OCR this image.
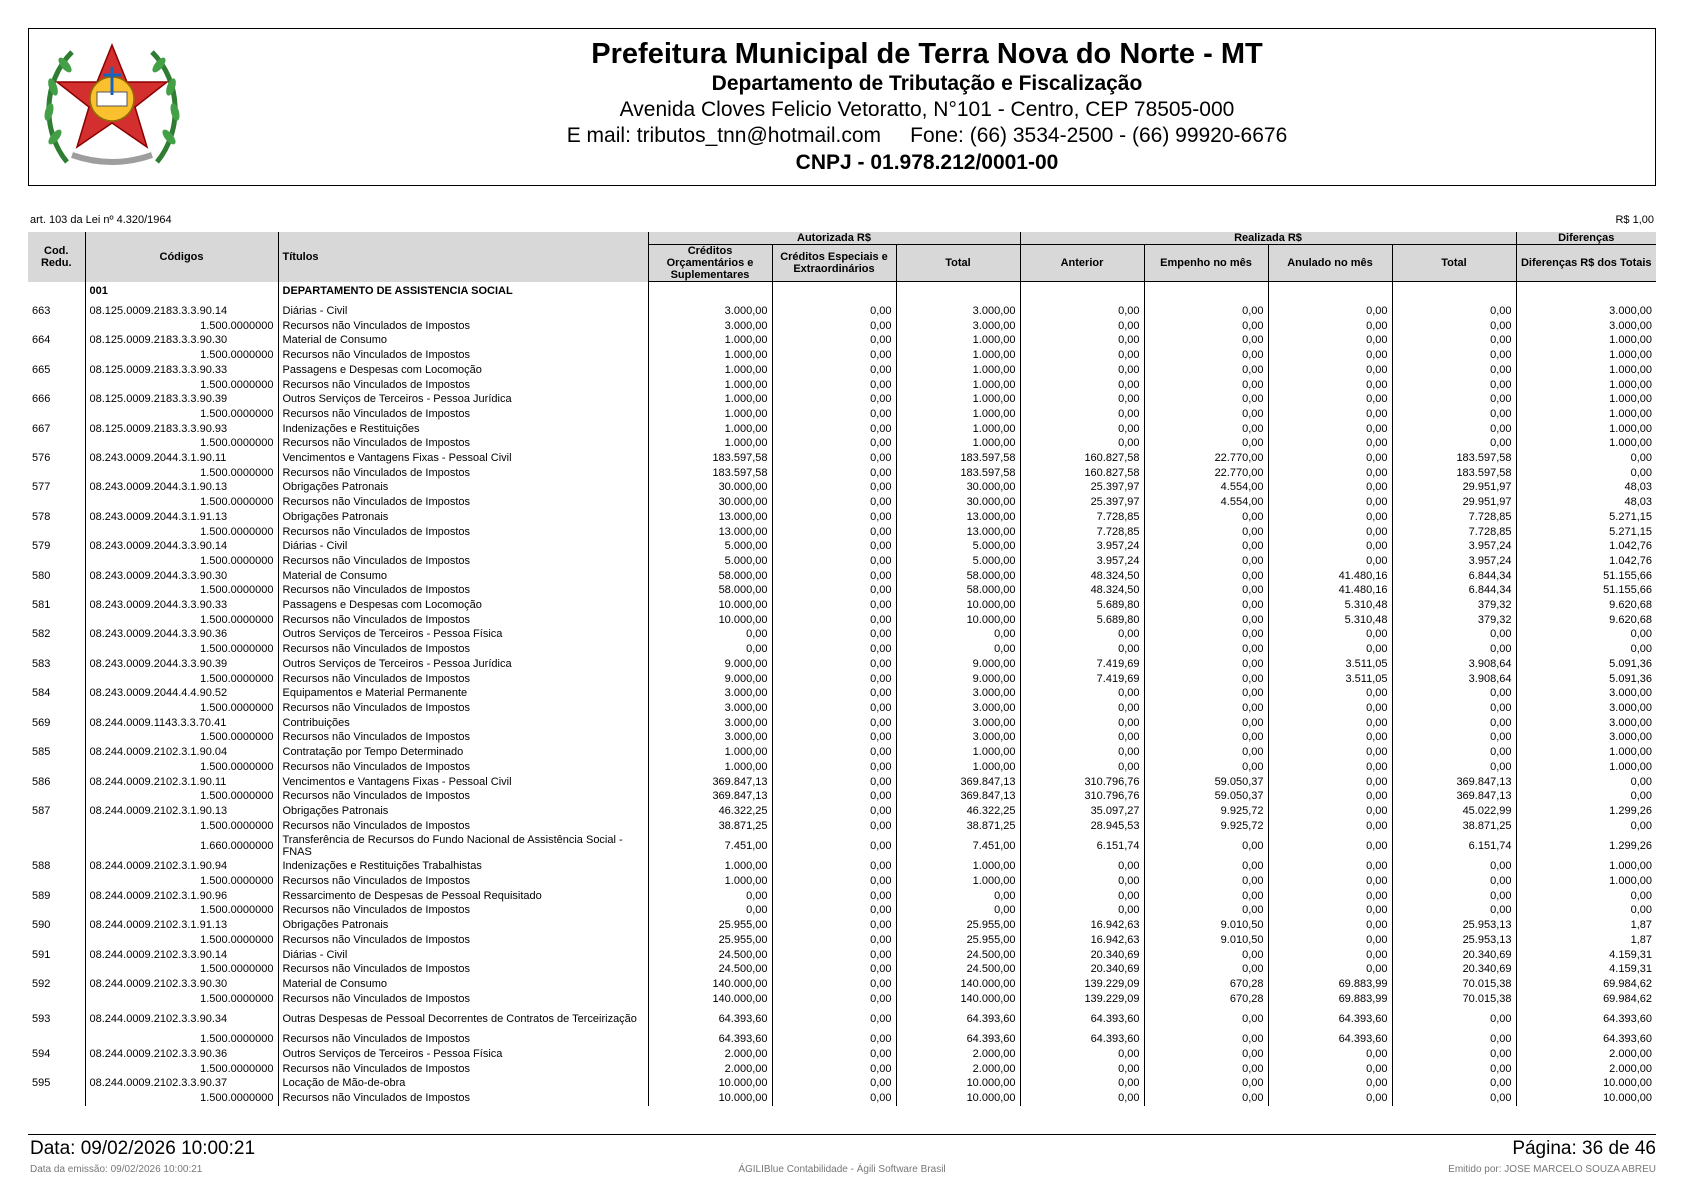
Prefeitura Municipal de Terra Nova do Norte - MT
Departamento de Tributação e Fiscalização
Avenida Cloves Felicio Vetoratto, N°101 - Centro, CEP 78505-000
E mail: tributos_tnn@hotmail.com     Fone: (66) 3534-2500 - (66) 99920-6676
CNPJ - 01.978.212/0001-00
art. 103 da Lei nº 4.320/1964	R$ 1,00
Cod. Redu.	Códigos	Títulos	Autorizada R$			Realizada R$				Diferenças
			Créditos Orçamentários e Suplementares	Créditos Especiais e Extraordinários	Total	Anterior	Empenho no mês	Anulado no mês	Total	Diferenças R$ dos Totais
	001	DEPARTAMENTO DE ASSISTENCIA SOCIAL								
663	08.125.0009.2183.3.3.90.14	Diárias - Civil	3.000,00	0,00	3.000,00	0,00	0,00	0,00	0,00	3.000,00
	1.500.0000000	Recursos não Vinculados de Impostos	3.000,00	0,00	3.000,00	0,00	0,00	0,00	0,00	3.000,00
664	08.125.0009.2183.3.3.90.30	Material de Consumo	1.000,00	0,00	1.000,00	0,00	0,00	0,00	0,00	1.000,00
	1.500.0000000	Recursos não Vinculados de Impostos	1.000,00	0,00	1.000,00	0,00	0,00	0,00	0,00	1.000,00
665	08.125.0009.2183.3.3.90.33	Passagens e Despesas com Locomoção	1.000,00	0,00	1.000,00	0,00	0,00	0,00	0,00	1.000,00
	1.500.0000000	Recursos não Vinculados de Impostos	1.000,00	0,00	1.000,00	0,00	0,00	0,00	0,00	1.000,00
666	08.125.0009.2183.3.3.90.39	Outros Serviços de Terceiros - Pessoa Jurídica	1.000,00	0,00	1.000,00	0,00	0,00	0,00	0,00	1.000,00
	1.500.0000000	Recursos não Vinculados de Impostos	1.000,00	0,00	1.000,00	0,00	0,00	0,00	0,00	1.000,00
667	08.125.0009.2183.3.3.90.93	Indenizações e Restituições	1.000,00	0,00	1.000,00	0,00	0,00	0,00	0,00	1.000,00
	1.500.0000000	Recursos não Vinculados de Impostos	1.000,00	0,00	1.000,00	0,00	0,00	0,00	0,00	1.000,00
576	08.243.0009.2044.3.1.90.11	Vencimentos e Vantagens Fixas - Pessoal Civil	183.597,58	0,00	183.597,58	160.827,58	22.770,00	0,00	183.597,58	0,00
	1.500.0000000	Recursos não Vinculados de Impostos	183.597,58	0,00	183.597,58	160.827,58	22.770,00	0,00	183.597,58	0,00
577	08.243.0009.2044.3.1.90.13	Obrigações Patronais	30.000,00	0,00	30.000,00	25.397,97	4.554,00	0,00	29.951,97	48,03
	1.500.0000000	Recursos não Vinculados de Impostos	30.000,00	0,00	30.000,00	25.397,97	4.554,00	0,00	29.951,97	48,03
578	08.243.0009.2044.3.1.91.13	Obrigações Patronais	13.000,00	0,00	13.000,00	7.728,85	0,00	0,00	7.728,85	5.271,15
	1.500.0000000	Recursos não Vinculados de Impostos	13.000,00	0,00	13.000,00	7.728,85	0,00	0,00	7.728,85	5.271,15
579	08.243.0009.2044.3.3.90.14	Diárias - Civil	5.000,00	0,00	5.000,00	3.957,24	0,00	0,00	3.957,24	1.042,76
	1.500.0000000	Recursos não Vinculados de Impostos	5.000,00	0,00	5.000,00	3.957,24	0,00	0,00	3.957,24	1.042,76
580	08.243.0009.2044.3.3.90.30	Material de Consumo	58.000,00	0,00	58.000,00	48.324,50	0,00	41.480,16	6.844,34	51.155,66
	1.500.0000000	Recursos não Vinculados de Impostos	58.000,00	0,00	58.000,00	48.324,50	0,00	41.480,16	6.844,34	51.155,66
581	08.243.0009.2044.3.3.90.33	Passagens e Despesas com Locomoção	10.000,00	0,00	10.000,00	5.689,80	0,00	5.310,48	379,32	9.620,68
	1.500.0000000	Recursos não Vinculados de Impostos	10.000,00	0,00	10.000,00	5.689,80	0,00	5.310,48	379,32	9.620,68
582	08.243.0009.2044.3.3.90.36	Outros Serviços de Terceiros - Pessoa Física	0,00	0,00	0,00	0,00	0,00	0,00	0,00	0,00
	1.500.0000000	Recursos não Vinculados de Impostos	0,00	0,00	0,00	0,00	0,00	0,00	0,00	0,00
583	08.243.0009.2044.3.3.90.39	Outros Serviços de Terceiros - Pessoa Jurídica	9.000,00	0,00	9.000,00	7.419,69	0,00	3.511,05	3.908,64	5.091,36
	1.500.0000000	Recursos não Vinculados de Impostos	9.000,00	0,00	9.000,00	7.419,69	0,00	3.511,05	3.908,64	5.091,36
584	08.243.0009.2044.4.4.90.52	Equipamentos e Material Permanente	3.000,00	0,00	3.000,00	0,00	0,00	0,00	0,00	3.000,00
	1.500.0000000	Recursos não Vinculados de Impostos	3.000,00	0,00	3.000,00	0,00	0,00	0,00	0,00	3.000,00
569	08.244.0009.1143.3.3.70.41	Contribuições	3.000,00	0,00	3.000,00	0,00	0,00	0,00	0,00	3.000,00
	1.500.0000000	Recursos não Vinculados de Impostos	3.000,00	0,00	3.000,00	0,00	0,00	0,00	0,00	3.000,00
585	08.244.0009.2102.3.1.90.04	Contratação por Tempo Determinado	1.000,00	0,00	1.000,00	0,00	0,00	0,00	0,00	1.000,00
	1.500.0000000	Recursos não Vinculados de Impostos	1.000,00	0,00	1.000,00	0,00	0,00	0,00	0,00	1.000,00
586	08.244.0009.2102.3.1.90.11	Vencimentos e Vantagens Fixas - Pessoal Civil	369.847,13	0,00	369.847,13	310.796,76	59.050,37	0,00	369.847,13	0,00
	1.500.0000000	Recursos não Vinculados de Impostos	369.847,13	0,00	369.847,13	310.796,76	59.050,37	0,00	369.847,13	0,00
587	08.244.0009.2102.3.1.90.13	Obrigações Patronais	46.322,25	0,00	46.322,25	35.097,27	9.925,72	0,00	45.022,99	1.299,26
	1.500.0000000	Recursos não Vinculados de Impostos	38.871,25	0,00	38.871,25	28.945,53	9.925,72	0,00	38.871,25	0,00
	1.660.0000000	Transferência de Recursos do Fundo Nacional de Assistência Social - FNAS	7.451,00	0,00	7.451,00	6.151,74	0,00	0,00	6.151,74	1.299,26
588	08.244.0009.2102.3.1.90.94	Indenizações e Restituições Trabalhistas	1.000,00	0,00	1.000,00	0,00	0,00	0,00	0,00	1.000,00
	1.500.0000000	Recursos não Vinculados de Impostos	1.000,00	0,00	1.000,00	0,00	0,00	0,00	0,00	1.000,00
589	08.244.0009.2102.3.1.90.96	Ressarcimento de Despesas de Pessoal Requisitado	0,00	0,00	0,00	0,00	0,00	0,00	0,00	0,00
	1.500.0000000	Recursos não Vinculados de Impostos	0,00	0,00	0,00	0,00	0,00	0,00	0,00	0,00
590	08.244.0009.2102.3.1.91.13	Obrigações Patronais	25.955,00	0,00	25.955,00	16.942,63	9.010,50	0,00	25.953,13	1,87
	1.500.0000000	Recursos não Vinculados de Impostos	25.955,00	0,00	25.955,00	16.942,63	9.010,50	0,00	25.953,13	1,87
591	08.244.0009.2102.3.3.90.14	Diárias - Civil	24.500,00	0,00	24.500,00	20.340,69	0,00	0,00	20.340,69	4.159,31
	1.500.0000000	Recursos não Vinculados de Impostos	24.500,00	0,00	24.500,00	20.340,69	0,00	0,00	20.340,69	4.159,31
592	08.244.0009.2102.3.3.90.30	Material de Consumo	140.000,00	0,00	140.000,00	139.229,09	670,28	69.883,99	70.015,38	69.984,62
	1.500.0000000	Recursos não Vinculados de Impostos	140.000,00	0,00	140.000,00	139.229,09	670,28	69.883,99	70.015,38	69.984,62
593	08.244.0009.2102.3.3.90.34	Outras Despesas de Pessoal Decorrentes de Contratos de Terceirização	64.393,60	0,00	64.393,60	64.393,60	0,00	64.393,60	0,00	64.393,60
	1.500.0000000	Recursos não Vinculados de Impostos	64.393,60	0,00	64.393,60	64.393,60	0,00	64.393,60	0,00	64.393,60
594	08.244.0009.2102.3.3.90.36	Outros Serviços de Terceiros - Pessoa Física	2.000,00	0,00	2.000,00	0,00	0,00	0,00	0,00	2.000,00
	1.500.0000000	Recursos não Vinculados de Impostos	2.000,00	0,00	2.000,00	0,00	0,00	0,00	0,00	2.000,00
595	08.244.0009.2102.3.3.90.37	Locação de Mão-de-obra	10.000,00	0,00	10.000,00	0,00	0,00	0,00	0,00	10.000,00
	1.500.0000000	Recursos não Vinculados de Impostos	10.000,00	0,00	10.000,00	0,00	0,00	0,00	0,00	10.000,00
Data: 09/02/2026 10:00:21	Página: 36 de 46
Data da emissão: 09/02/2026 10:00:21	ÁGILIBlue Contabilidade - Ágili Software Brasil	Emitido por: JOSE MARCELO SOUZA ABREU
